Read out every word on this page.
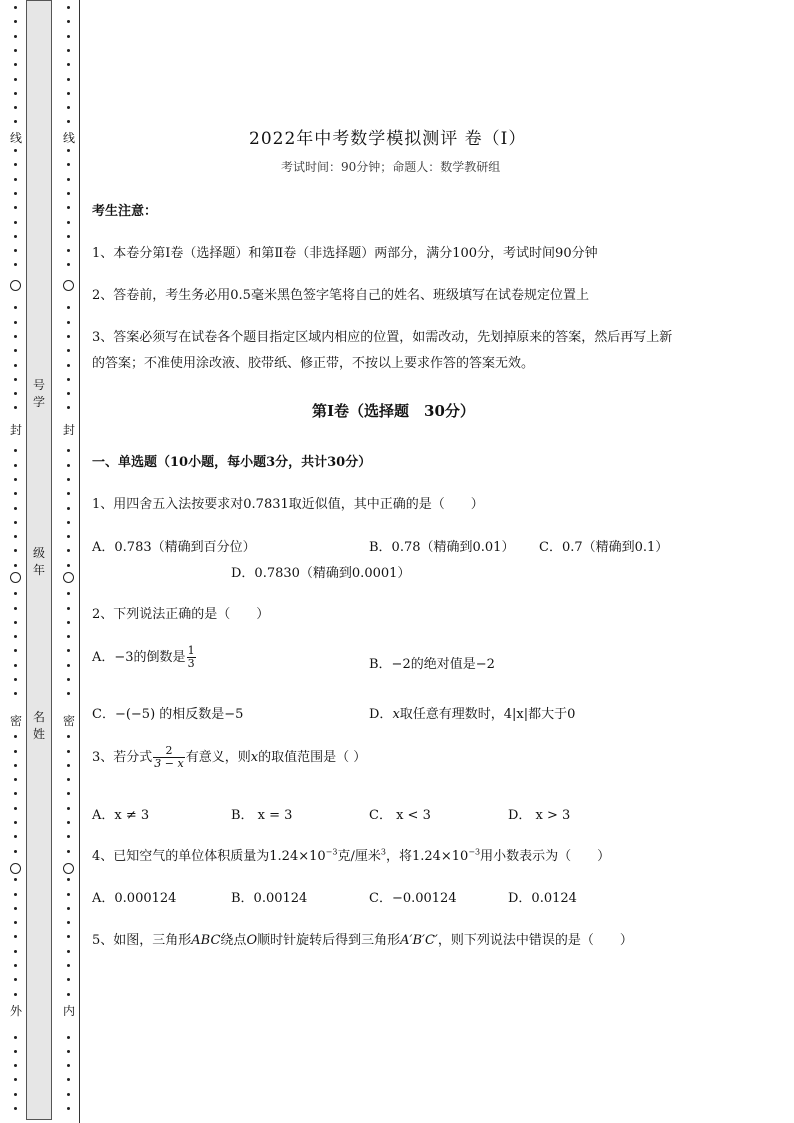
线
封
密
外
号学
级年
名姓
线
封
密
内
2022年中考数学模拟测评 卷（Ⅰ）
考试时间：90分钟；命题人：数学教研组
考生注意：
1、本卷分第Ⅰ卷（选择题）和第Ⅱ卷（非选择题）两部分，满分100分，考试时间90分钟
2、答卷前，考生务必用0.5毫米黑色签字笔将自己的姓名、班级填写在试卷规定位置上
3、答案必须写在试卷各个题目指定区域内相应的位置，如需改动，先划掉原来的答案，然后再写上新
的答案；不准使用涂改液、胶带纸、修正带，不按以上要求作答的答案无效。
第Ⅰ卷（选择题　30分）
一、单选题（10小题，每小题3分，共计30分）
1、用四舍五入法按要求对0.7831取近似值，其中正确的是（　　）
A．0.783（精确到百分位）	B．0.78（精确到0.01） C．0.7（精确到0.1）
D．0.7830（精确到0.0001）
2、下列说法正确的是（　　）
A．−3的倒数是 $\frac{1}{3}$	B．−2的绝对值是−2
C．−(−5) 的相反数是−5	D．x取任意有理数时，4|x|都大于0
3、若分式 $\frac{2}{3 - x}$ 有意义，则x的取值范围是（ ）
A．x ≠ 3	B． x = 3	C． x < 3	D． x > 3
4、已知空气的单位体积质量为$1.24\times 10^{-3}$克/厘米$^3$，将$1.24\times 10^{-3}$用小数表示为（　　）
A．0.000124	B．0.00124	C．−0.00124	D．0.0124
5、如图，三角形ABC绕点O顺时针旋转后得到三角形A′B′C′，则下列说法中错误的是（　　）
